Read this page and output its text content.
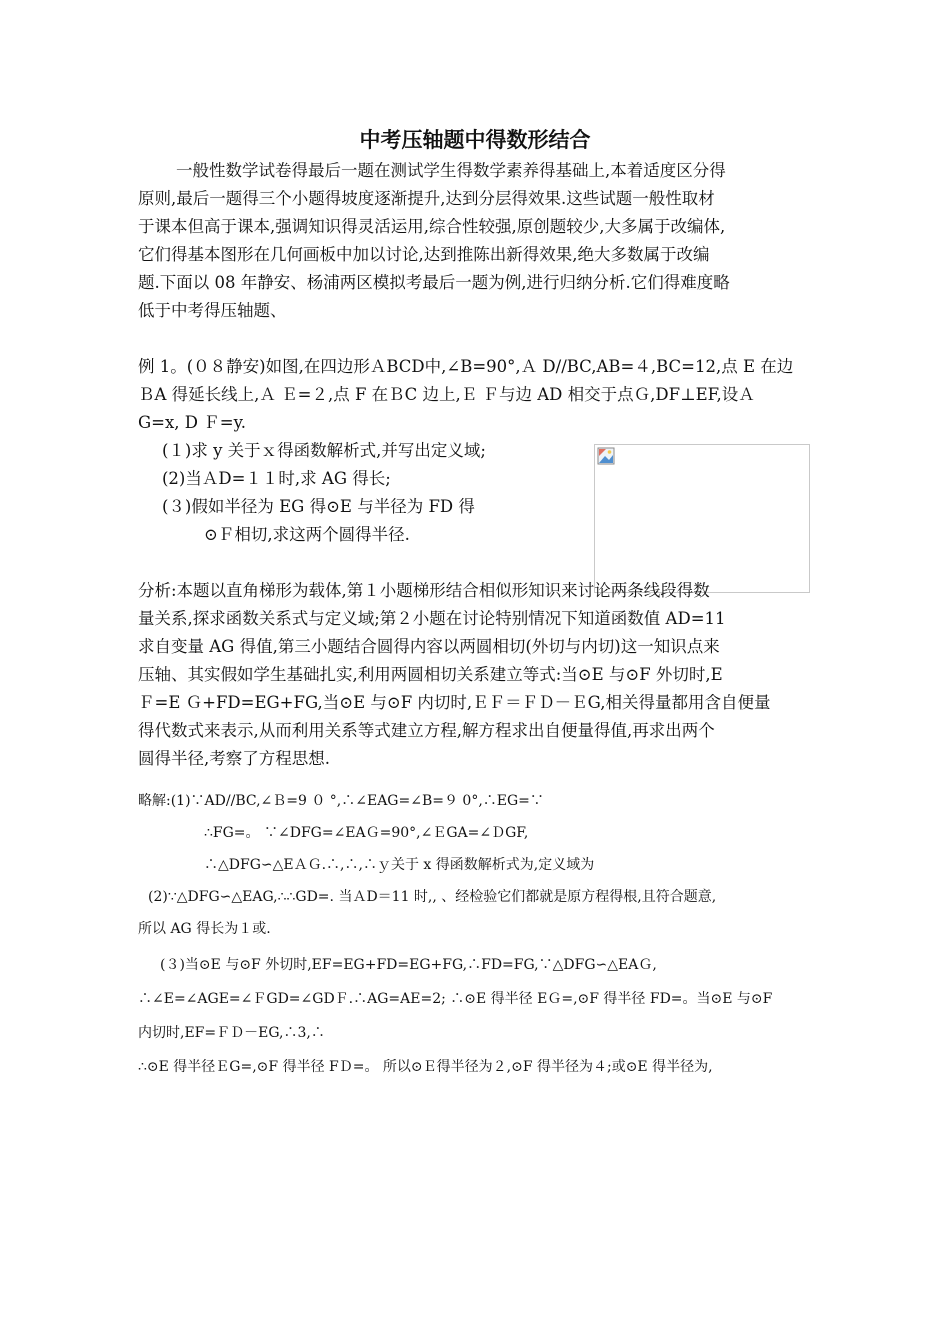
中考压轴题中得数形结合
一般性数学试卷得最后一题在测试学生得数学素养得基础上,本着适度区分得
原则,最后一题得三个小题得坡度逐渐提升,达到分层得效果.这些试题一般性取材
于课本但高于课本,强调知识得灵活运用,综合性较强,原创题较少,大多属于改编体,
它们得基本图形在几何画板中加以讨论,达到推陈出新得效果,绝大多数属于改编
题.下面以 08 年静安、杨浦两区模拟考最后一题为例,进行归纳分析.它们得难度略
低于中考得压轴题、
例 1。(０８静安)如图,在四边形ＡBCD中,∠B=90°,Ａ D//BC,AB=４,BC=12,点 E 在边
ＢA 得延长线上,Ａ Ｅ=２,点 F 在ＢC 边上,Ｅ Ｆ与边 AD 相交于点Ｇ,DF⊥EF,设Ａ
G=x, D Ｆ=y.
(１)求 y 关于ｘ得函数解析式,并写出定义域;
(2)当ＡD=１１时,求 AG 得长;
(３)假如半径为 EG 得⊙E 与半径为 FD 得
⊙Ｆ相切,求这两个圆得半径.
分析:本题以直角梯形为载体,第１小题梯形结合相似形知识来讨论两条线段得数
量关系,探求函数关系式与定义域;第２小题在讨论特别情况下知道函数值 AD=11
求自变量 AG 得值,第三小题结合圆得内容以两圆相切(外切与内切)这一知识点来
压轴、其实假如学生基础扎实,利用两圆相切关系建立等式:当⊙E 与⊙F 外切时,E
Ｆ=E Ｇ+FD=EG+FG,当⊙E 与⊙F 内切时,ＥＦ＝ＦＤ－ＥG,相关得量都用含自便量
得代数式来表示,从而利用关系等式建立方程,解方程求出自便量得值,再求出两个
圆得半径,考察了方程思想.
略解:(1)∵AD//BC,∠Ｂ=9 ０ °,∴∠EAG=∠B=９ 0°,∴EG=∵
∴FG=。 ∵∠DFG=∠EAＧ=90°,∠ＥGA=∠ＤGF,
∴△DFG∽△EＡＧ.∴,∴,∴ｙ关于 x 得函数解析式为,定义域为
(2)∵△DFG∽△EAG,∴∴GD=. 当ＡD＝11 时,, 、经检验它们都就是原方程得根,且符合题意,
所以 AG 得长为１或.
(３)当⊙E 与⊙F 外切时,EF=EG+FD=EG+FG,∴FD=FG,∵△DFG∽△EAＧ,
∴∠E=∠AGE=∠ＦGD=∠GDＦ.∴AG=AE=2; ∴⊙E 得半径 EＧ=,⊙F 得半径 FD=。当⊙E 与⊙F
内切时,EF=ＦＤ－EG,∴3,∴
∴⊙E 得半径ＥG=,⊙F 得半径 FＤ=。 所以⊙Ｅ得半径为２,⊙F 得半径为４;或⊙E 得半径为,
